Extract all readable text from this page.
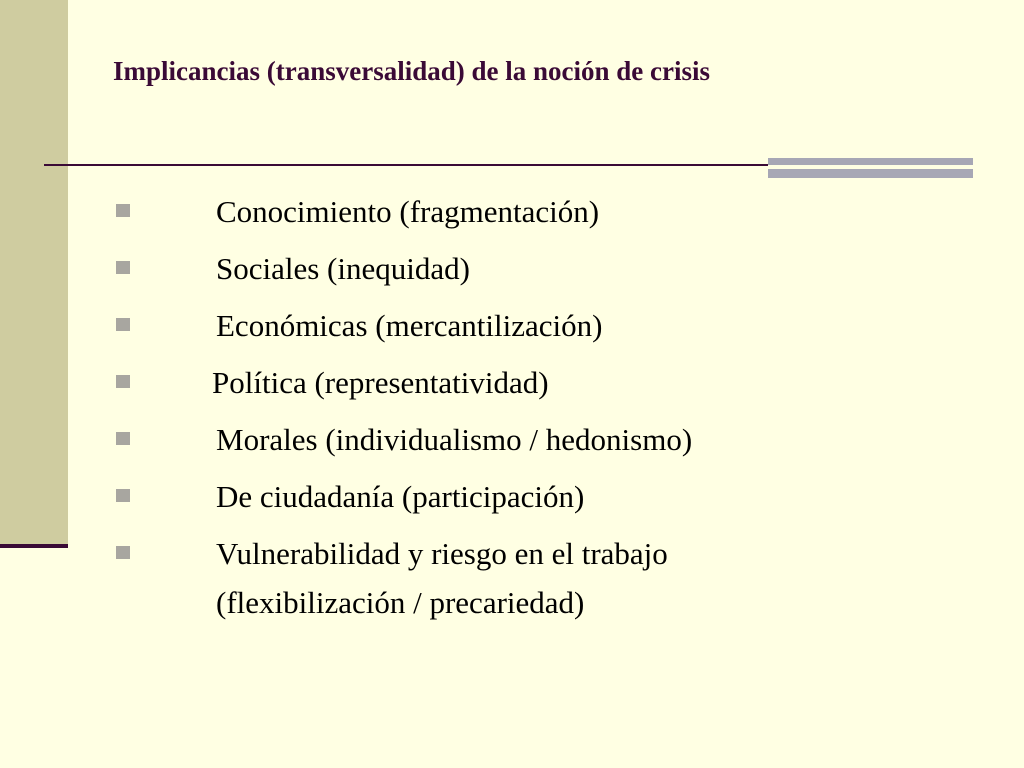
Implicancias (transversalidad) de la noción de crisis
Conocimiento (fragmentación)
Sociales (inequidad)
Económicas (mercantilización)
Política (representatividad)
Morales (individualismo / hedonismo)
De ciudadanía (participación)
Vulnerabilidad y riesgo en el trabajo
(flexibilización / precariedad)
